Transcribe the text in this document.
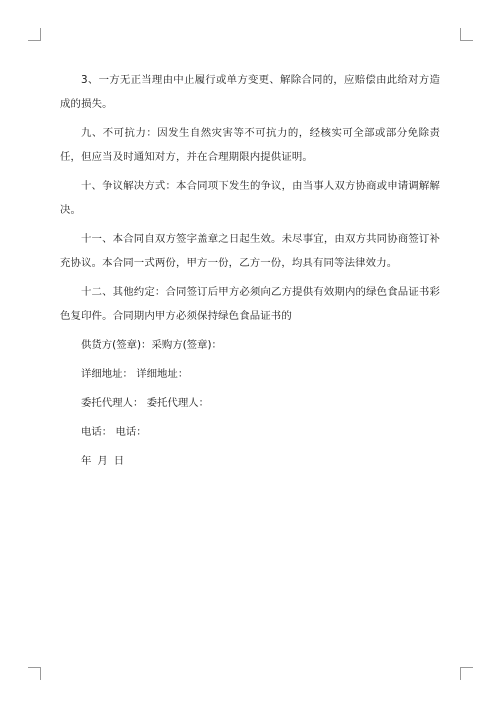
3、一方无正当理由中止履行或单方变更、解除合同的，应赔偿由此给对方造成的损失。

九、不可抗力：因发生自然灾害等不可抗力的，经核实可全部或部分免除责任，但应当及时通知对方，并在合理期限内提供证明。

十、争议解决方式：本合同项下发生的争议，由当事人双方协商或申请调解解决。

十一、本合同自双方签字盖章之日起生效。未尽事宜，由双方共同协商签订补充协议。本合同一式两份，甲方一份，乙方一份，均具有同等法律效力。

十二、其他约定：合同签订后甲方必须向乙方提供有效期内的绿色食品证书彩色复印件。合同期内甲方必须保持绿色食品证书的

供货方(签章)：采购方(签章)：

详细地址： 详细地址：

委托代理人： 委托代理人：

电话： 电话：

年 月 日
